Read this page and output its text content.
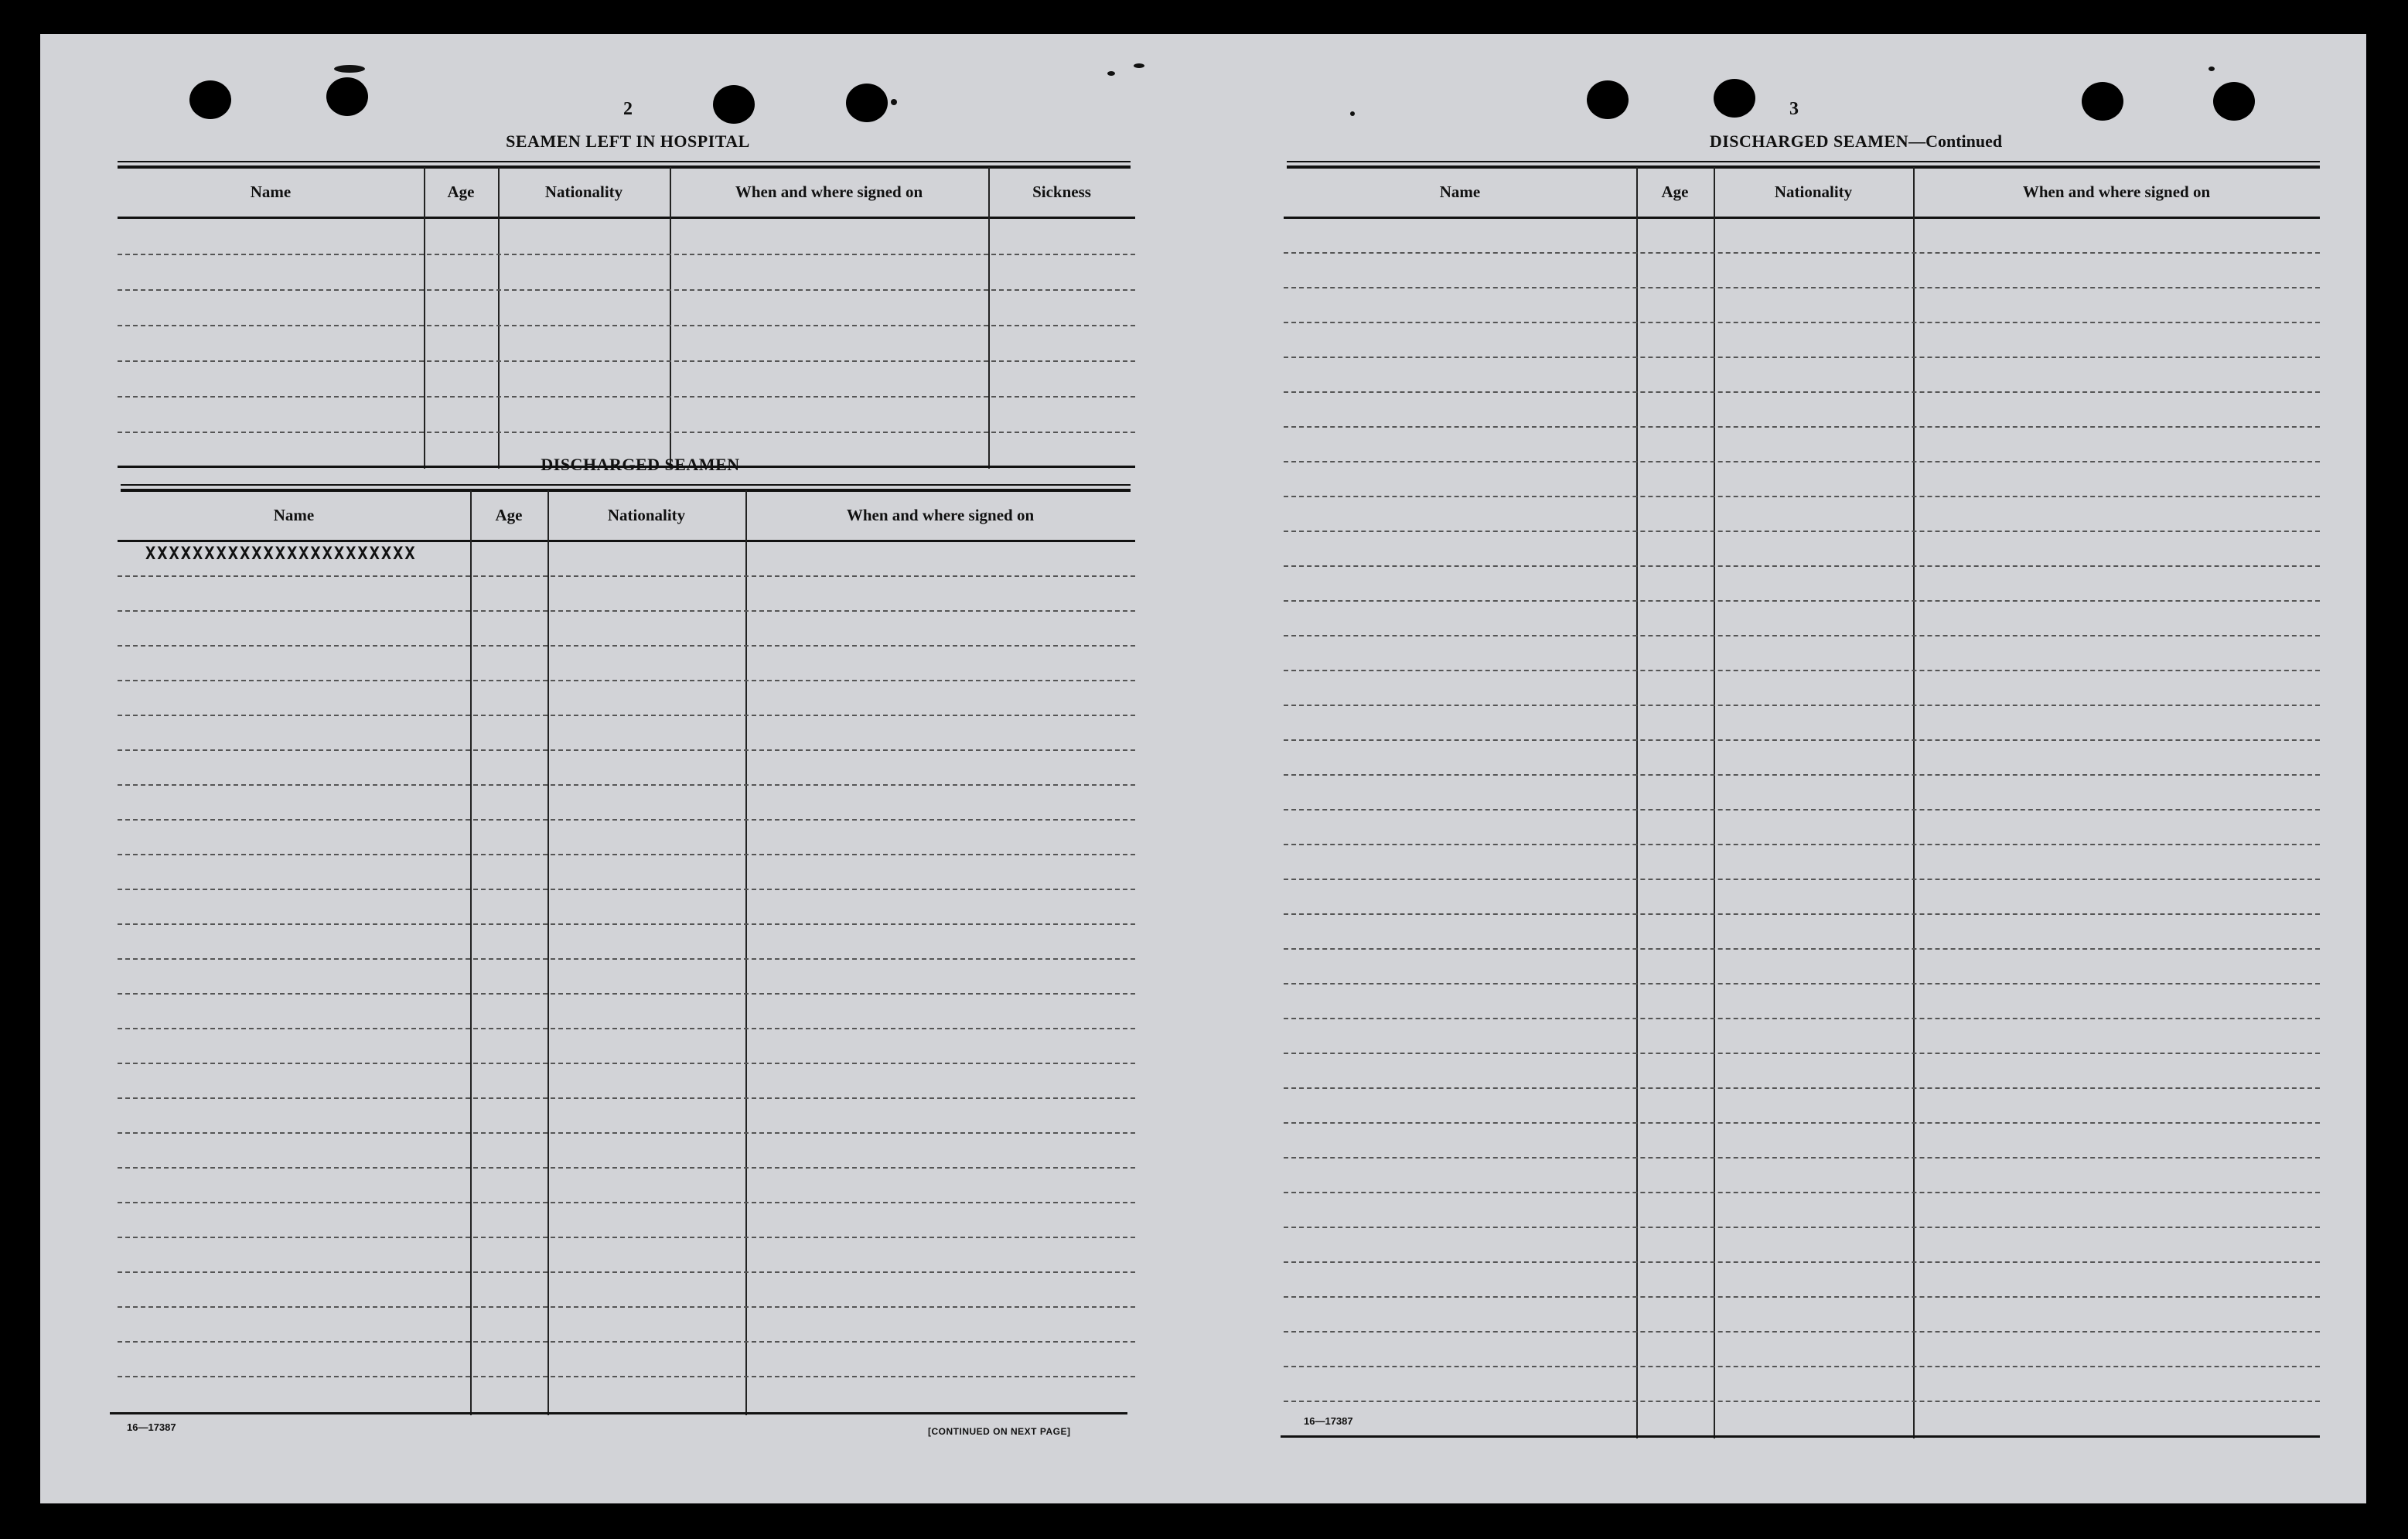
2
SEAMEN LEFT IN HOSPITAL
Name	Age	Nationality	When and where signed on	Sickness
DISCHARGED SEAMEN
Name	Age	Nationality	When and where signed on
XXXXXXXXXXXXXXXXXXXXXXX
16—17387	[CONTINUED ON NEXT PAGE]
3
DISCHARGED SEAMEN—Continued
Name	Age	Nationality	When and where signed on
16—17387
